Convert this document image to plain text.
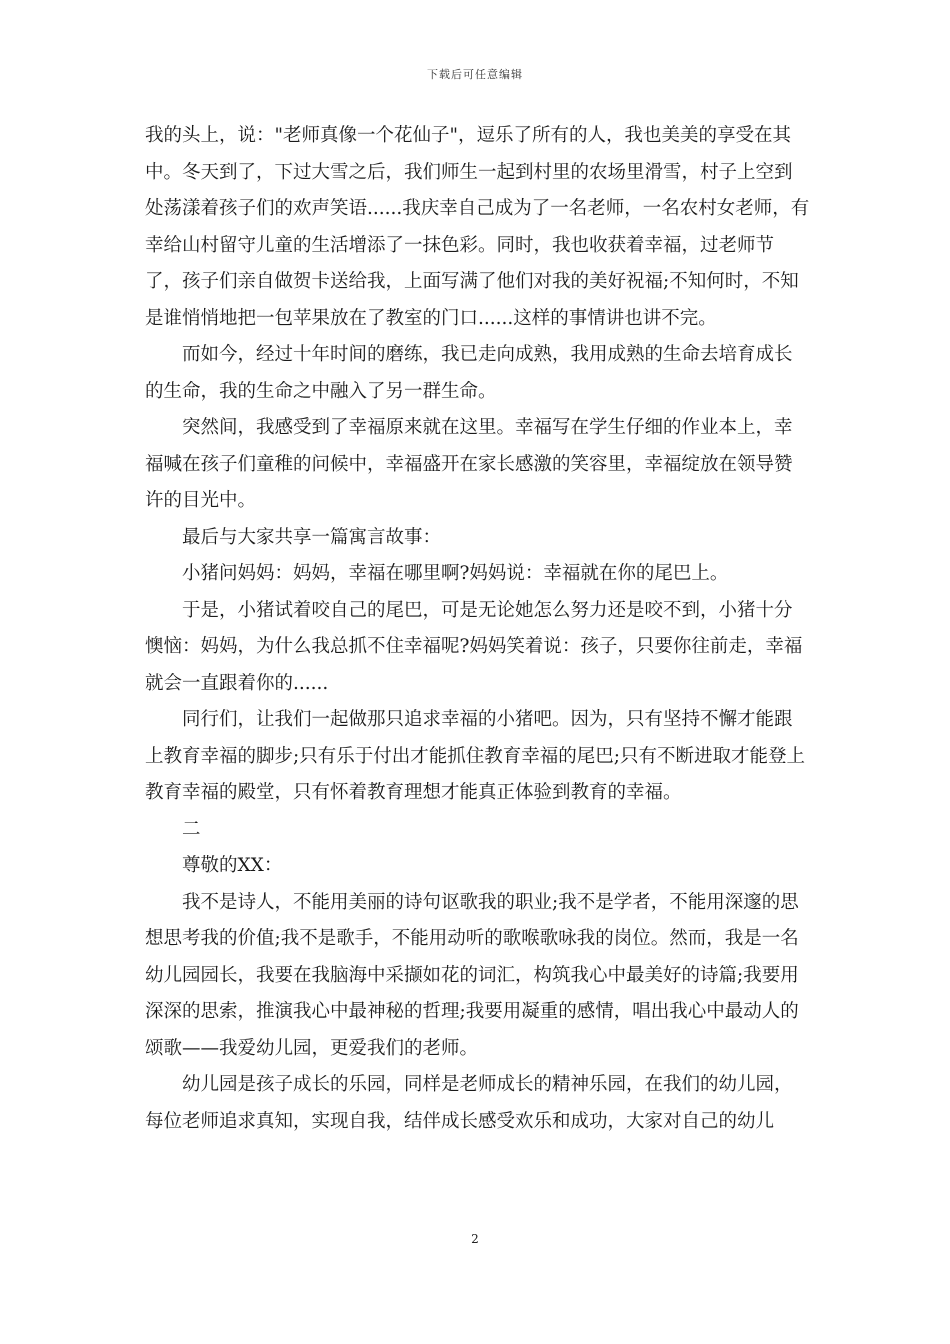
下载后可任意编辑

我的头上，说："老师真像一个花仙子"，逗乐了所有的人，我也美美的享受在其中。冬天到了，下过大雪之后，我们师生一起到村里的农场里滑雪，村子上空到处荡漾着孩子们的欢声笑语......我庆幸自己成为了一名老师，一名农村女老师，有幸给山村留守儿童的生活增添了一抹色彩。同时，我也收获着幸福，过老师节了，孩子们亲自做贺卡送给我，上面写满了他们对我的美好祝福;不知何时，不知是谁悄悄地把一包苹果放在了教室的门口......这样的事情讲也讲不完。

而如今，经过十年时间的磨练，我已走向成熟，我用成熟的生命去培育成长的生命，我的生命之中融入了另一群生命。

突然间，我感受到了幸福原来就在这里。幸福写在学生仔细的作业本上，幸福喊在孩子们童稚的问候中，幸福盛开在家长感激的笑容里，幸福绽放在领导赞许的目光中。

最后与大家共享一篇寓言故事：

小猪问妈妈：妈妈，幸福在哪里啊?妈妈说：幸福就在你的尾巴上。

于是，小猪试着咬自己的尾巴，可是无论她怎么努力还是咬不到，小猪十分懊恼：妈妈，为什么我总抓不住幸福呢?妈妈笑着说：孩子，只要你往前走，幸福就会一直跟着你的......

同行们，让我们一起做那只追求幸福的小猪吧。因为，只有坚持不懈才能跟上教育幸福的脚步;只有乐于付出才能抓住教育幸福的尾巴;只有不断进取才能登上教育幸福的殿堂，只有怀着教育理想才能真正体验到教育的幸福。

二

尊敬的XX：

我不是诗人，不能用美丽的诗句讴歌我的职业;我不是学者，不能用深邃的思想思考我的价值;我不是歌手，不能用动听的歌喉歌咏我的岗位。然而，我是一名幼儿园园长，我要在我脑海中采撷如花的词汇，构筑我心中最美好的诗篇;我要用深深的思索，推演我心中最神秘的哲理;我要用凝重的感情，唱出我心中最动人的颂歌——我爱幼儿园，更爱我们的老师。

幼儿园是孩子成长的乐园，同样是老师成长的精神乐园，在我们的幼儿园，每位老师追求真知，实现自我，结伴成长感受欢乐和成功，大家对自己的幼儿

2
